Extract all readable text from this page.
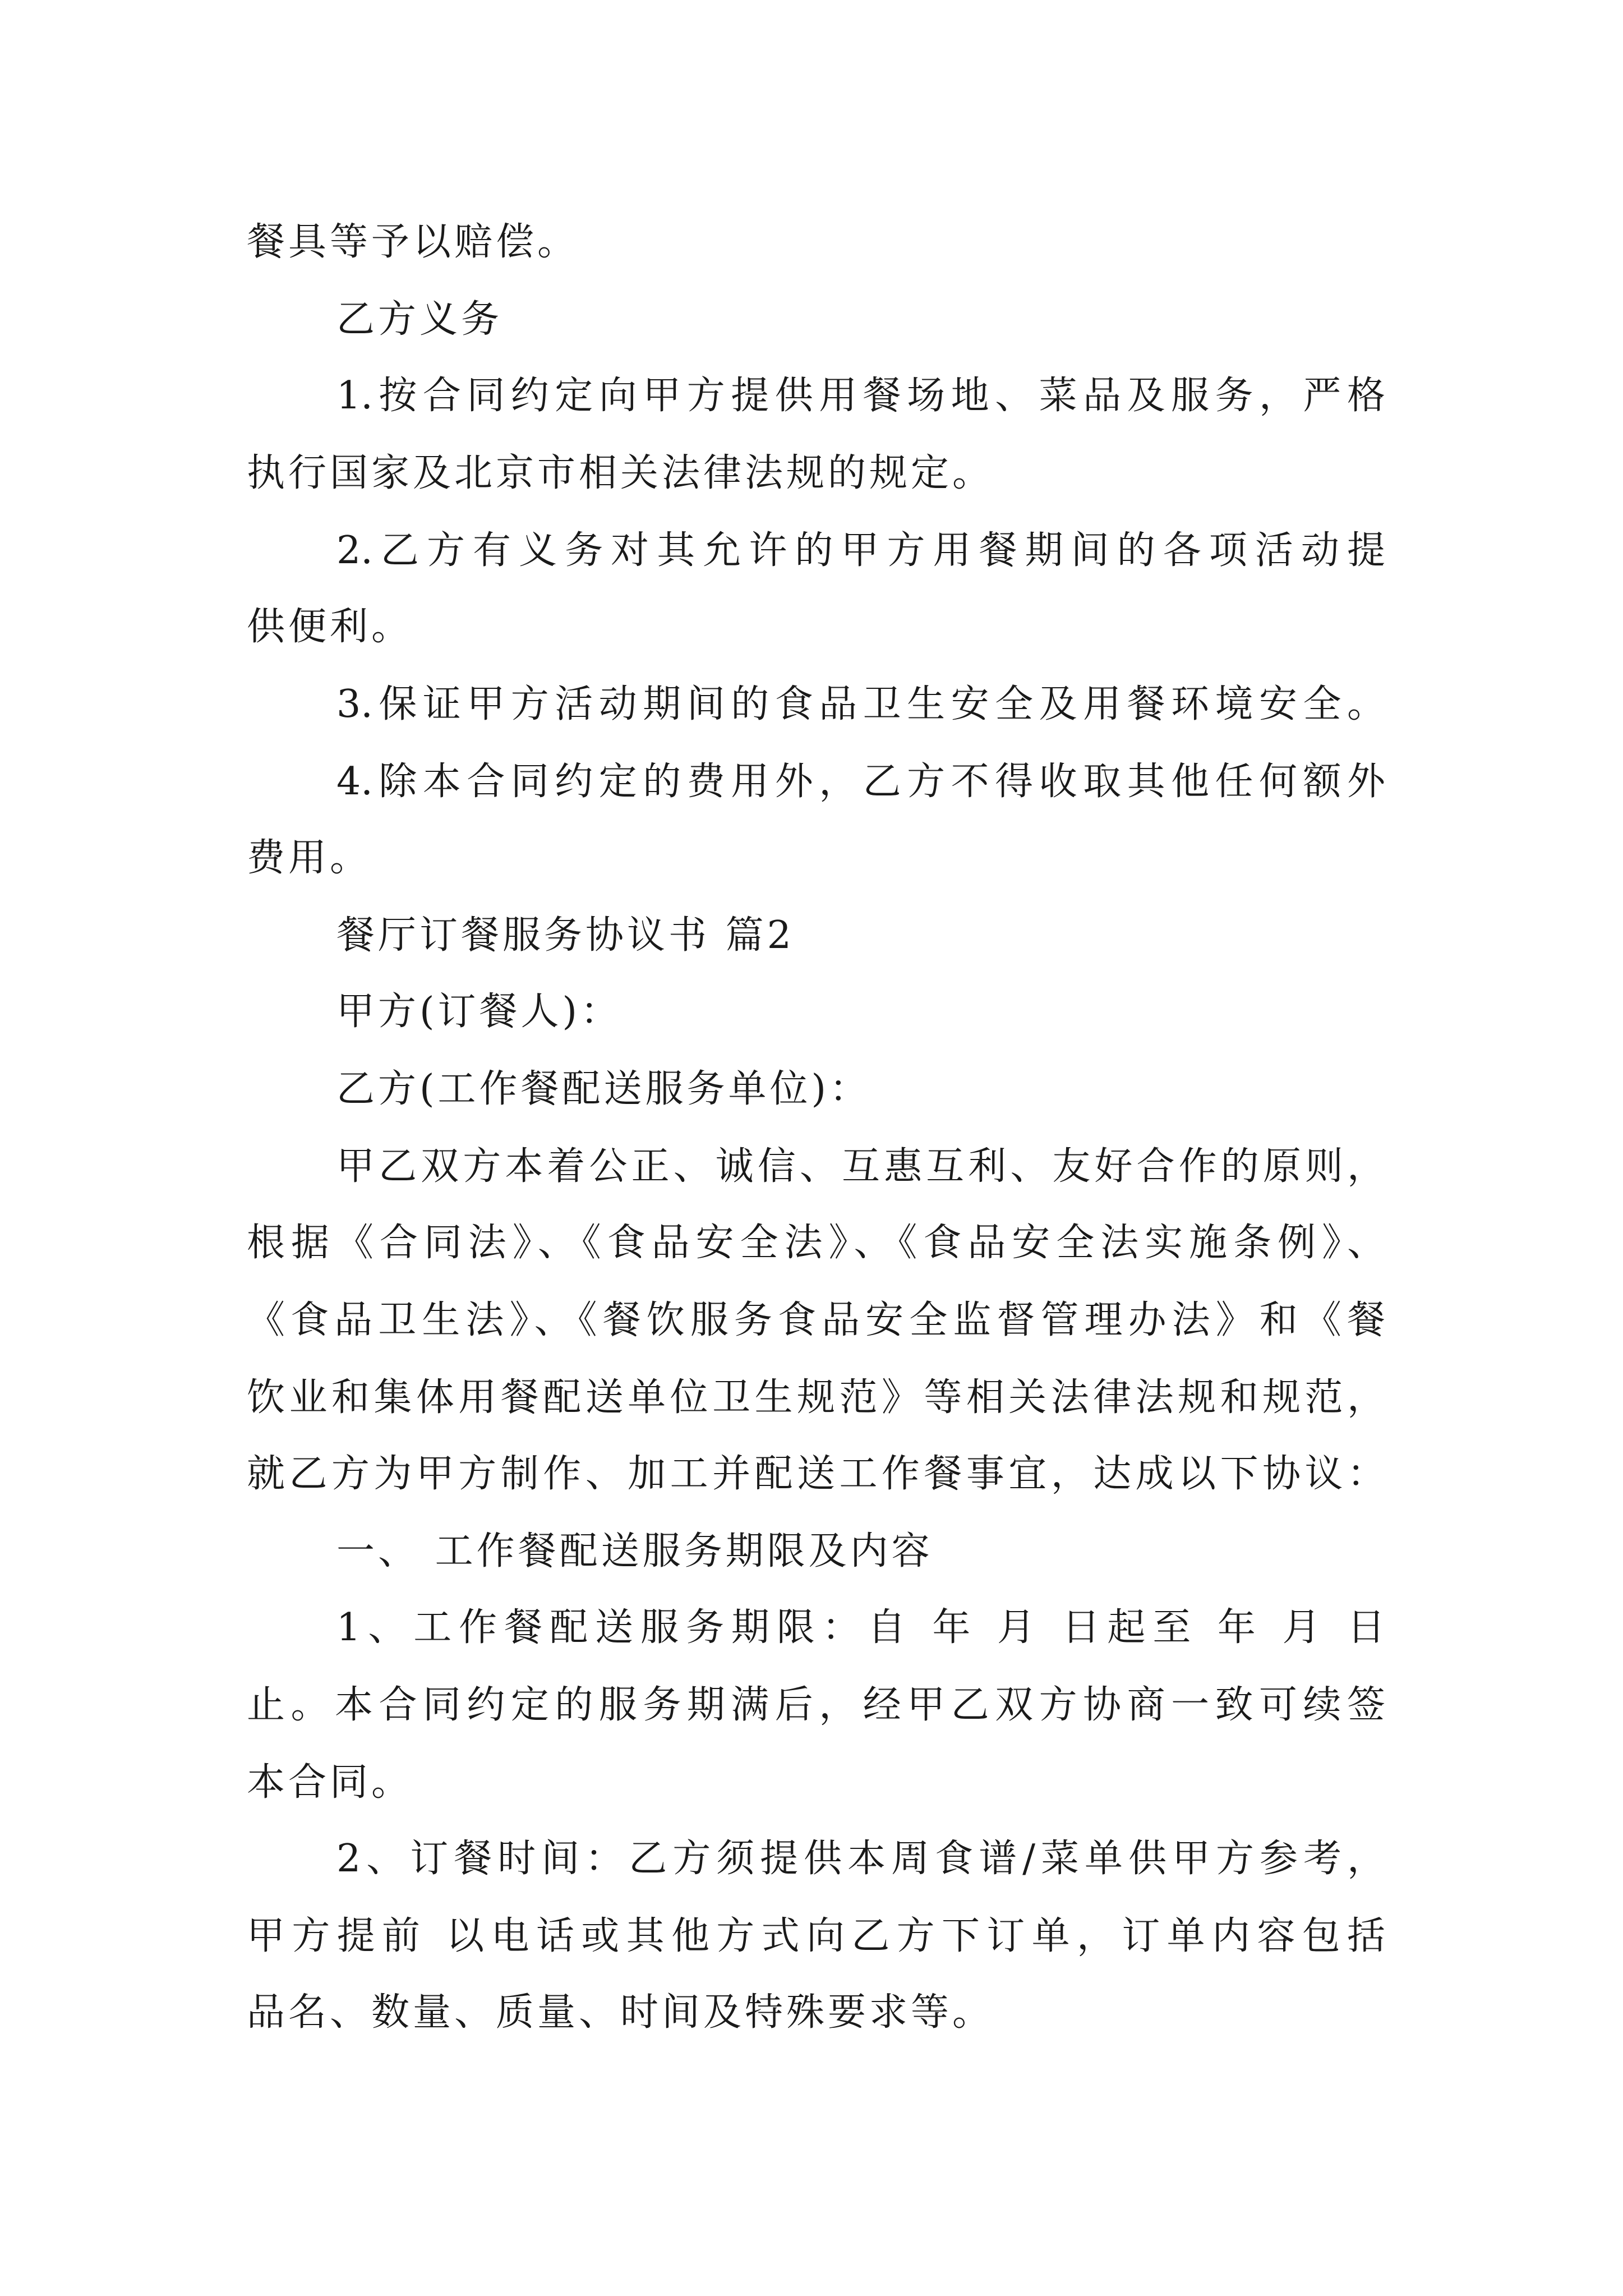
餐具等予以赔偿。
乙方义务
1.按合同约定向甲方提供用餐场地、菜品及服务，严格
执行国家及北京市相关法律法规的规定。
2.乙方有义务对其允许的甲方用餐期间的各项活动提
供便利。
3.保证甲方活动期间的食品卫生安全及用餐环境安全。
4.除本合同约定的费用外，乙方不得收取其他任何额外
费用。
餐厅订餐服务协议书 篇2
甲方(订餐人)：
乙方(工作餐配送服务单位)：
甲乙双方本着公正、诚信、互惠互利、友好合作的原则，
根据《合同法》、《食品安全法》、《食品安全法实施条例》、
《食品卫生法》、《餐饮服务食品安全监督管理办法》和《餐
饮业和集体用餐配送单位卫生规范》等相关法律法规和规范，
就乙方为甲方制作、加工并配送工作餐事宜，达成以下协议：
一、 工作餐配送服务期限及内容
1、工作餐配送服务期限：自 年 月 日起至 年 月 日
止。本合同约定的服务期满后，经甲乙双方协商一致可续签
本合同。
2、订餐时间：乙方须提供本周食谱/菜单供甲方参考，
甲方提前 以电话或其他方式向乙方下订单，订单内容包括
品名、数量、质量、时间及特殊要求等。
